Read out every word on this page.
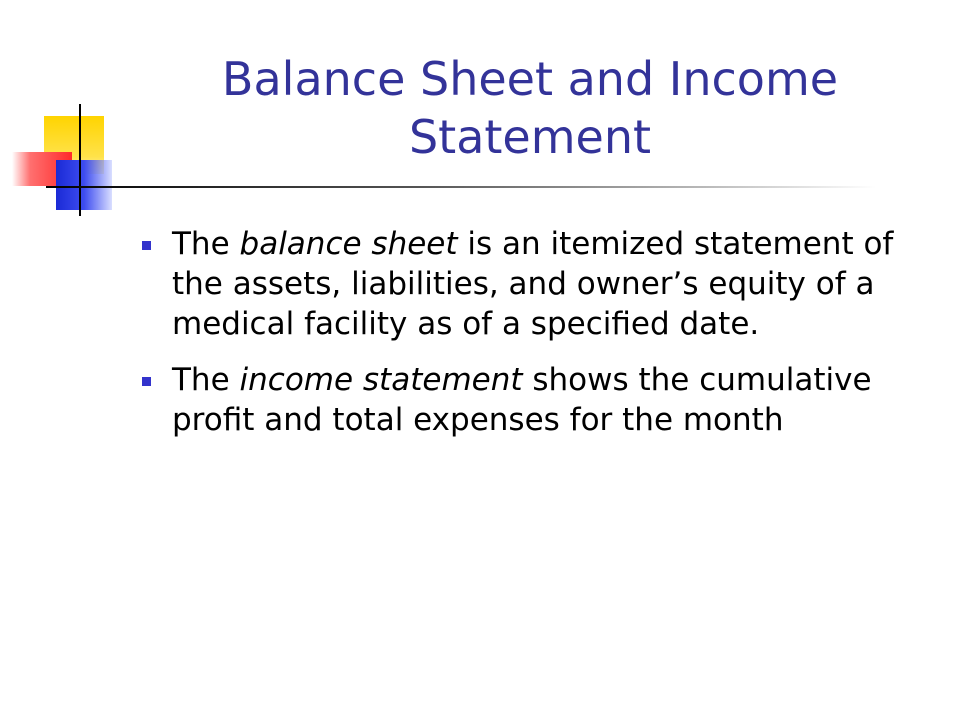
Balance Sheet and Income Statement
The balance sheet is an itemized statement of the assets, liabilities, and owner’s equity of a medical facility as of a specified date.
The income statement shows the cumulative profit and total expenses for the month
